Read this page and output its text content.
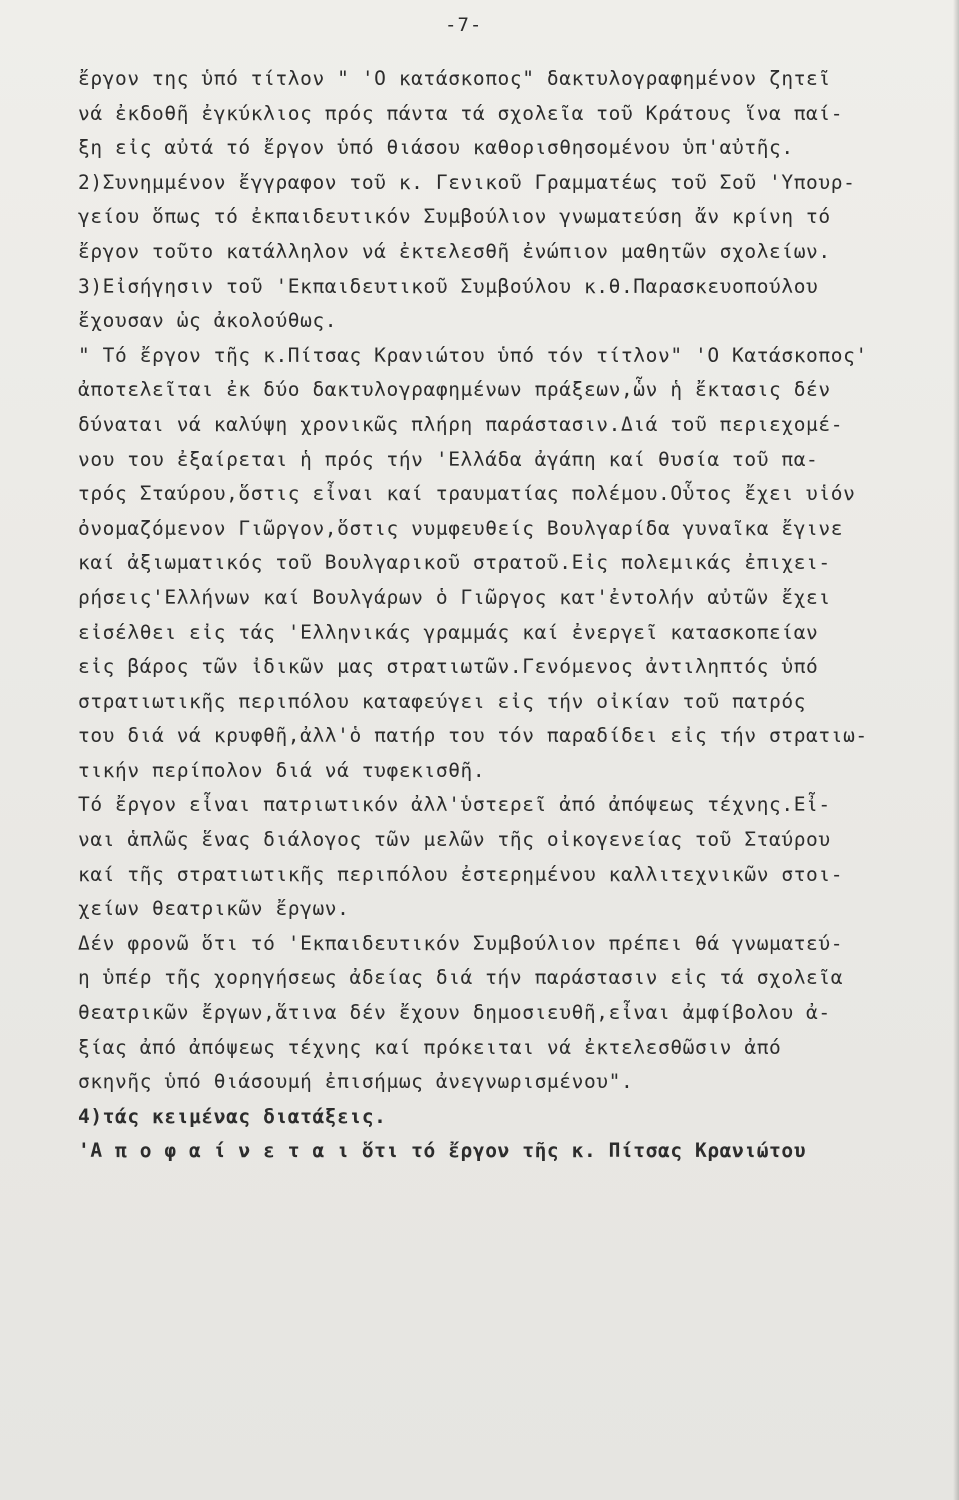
-7-
ἔργον της ὑπό τίτλον " 'Ο κατάσκοπος" δακτυλογραφημένον ζητεῖ
νά ἐκδοθῆ ἐγκύκλιος πρός πάντα τά σχολεῖα τοῦ Κράτους ἵνα παί-
ξη εἰς αὐτά τό ἔργον ὑπό θιάσου καθορισθησομένου ὑπ'αὐτῆς.
2)Συνημμένον ἔγγραφον τοῦ κ. Γενικοῦ Γραμματέως τοῦ Σοῦ 'Υπουρ-
γείου ὅπως τό ἐκπαιδευτικόν Συμβούλιον γνωματεύση ἄν κρίνη τό
ἔργον τοῦτο κατάλληλον νά ἐκτελεσθῆ ἐνώπιον μαθητῶν σχολείων.
3)Εἰσήγησιν τοῦ 'Εκπαιδευτικοῦ Συμβούλου κ.θ.Παρασκευοπούλου
ἔχουσαν ὡς ἀκολούθως.
" Τό ἔργον τῆς κ.Πίτσας Κρανιώτου ὑπό τόν τίτλον" 'Ο Κατάσκοπος'
ἀποτελεῖται ἐκ δύο δακτυλογραφημένων πράξεων,ὧν ἡ ἔκτασις δέν
δύναται νά καλύψη χρονικῶς πλήρη παράστασιν.Διά τοῦ περιεχομέ-
νου του ἐξαίρεται ἡ πρός τήν 'Ελλάδα ἀγάπη καί θυσία τοῦ πα-
τρός Σταύρου,ὅστις εἶναι καί τραυματίας πολέμου.Οὗτος ἔχει υἱόν
ὀνομαζόμενον Γιῶργον,ὅστις νυμφευθείς Βουλγαρίδα γυναῖκα ἔγινε
καί ἀξιωματικός τοῦ Βουλγαρικοῦ στρατοῦ.Εἰς πολεμικάς ἐπιχει-
ρήσεις'Ελλήνων καί Βουλγάρων ὁ Γιῶργος κατ'ἐντολήν αὐτῶν ἔχει
εἰσέλθει εἰς τάς 'Ελληνικάς γραμμάς καί ἐνεργεῖ κατασκοπείαν
εἰς βάρος τῶν ἰδικῶν μας στρατιωτῶν.Γενόμενος ἀντιληπτός ὑπό
στρατιωτικῆς περιπόλου καταφεύγει εἰς τήν οἰκίαν τοῦ πατρός
του διά νά κρυφθῆ,ἀλλ'ὁ πατήρ του τόν παραδίδει εἰς τήν στρατιω-
τικήν περίπολον διά νά τυφεκισθῆ.
Τό ἔργον εἶναι πατριωτικόν ἀλλ'ὑστερεῖ ἀπό ἀπόψεως τέχνης.Εἶ-
ναι ἁπλῶς ἕνας διάλογος τῶν μελῶν τῆς οἰκογενείας τοῦ Σταύρου
καί τῆς στρατιωτικῆς περιπόλου ἐστερημένου καλλιτεχνικῶν στοι-
χείων θεατρικῶν ἔργων.
Δέν φρονῶ ὅτι τό 'Εκπαιδευτικόν Συμβούλιον πρέπει θά γνωματεύ-
η ὑπέρ τῆς χορηγήσεως ἀδείας διά τήν παράστασιν εἰς τά σχολεῖα
θεατρικῶν ἔργων,ἅτινα δέν ἔχουν δημοσιευθῆ,εἶναι ἀμφίβολου ἀ-
ξίας ἀπό ἀπόψεως τέχνης καί πρόκειται νά ἐκτελεσθῶσιν ἀπό
σκηνῆς ὑπό θιάσουμή ἐπισήμως ἀνεγνωρισμένου".
4)τάς κειμένας διατάξεις.
'Α π ο φ α ί ν ε τ α ι ὅτι τό ἔργον τῆς κ. Πίτσας Κρανιώτου
